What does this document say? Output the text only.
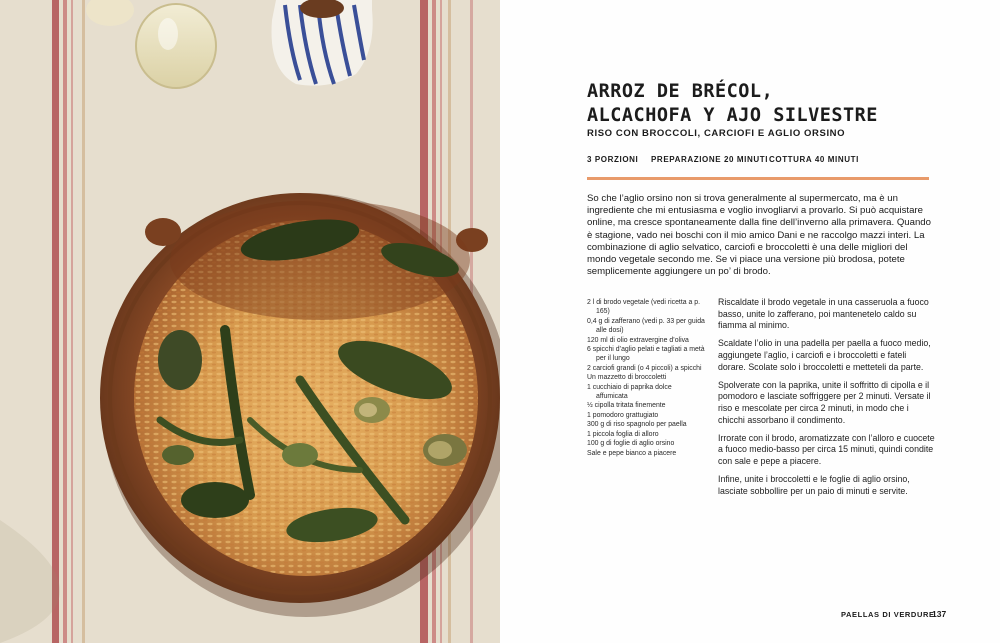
ARROZ DE BRÉCOL,
ALCACHOFA Y AJO SILVESTRE
RISO CON BROCCOLI, CARCIOFI E AGLIO ORSINO
3 PORZIONI PREPARAZIONE 20 MINUTI COTTURA 40 MINUTI

So che l’aglio orsino non si trova generalmente al supermercato, ma è un ingrediente che mi entusiasma e voglio invogliarvi a provarlo. Si può acquistare online, ma cresce spontaneamente dalla fine dell’inverno alla primavera. Quando è stagione, vado nei boschi con il mio amico Dani e ne raccolgo mazzi interi. La combinazione di aglio selvatico, carciofi e broccoletti è una delle migliori del mondo vegetale secondo me. Se vi piace una versione più brodosa, potete semplicemente aggiungere un po’ di brodo.

2 l di brodo vegetale (vedi ricetta a p. 165)
0,4 g di zafferano (vedi p. 33 per guida alle dosi)
120 ml di olio extravergine d’oliva
6 spicchi d’aglio pelati e tagliati a metà per il lungo
2 carciofi grandi (o 4 piccoli) a spicchi
Un mazzetto di broccoletti
1 cucchiaio di paprika dolce affumicata
½ cipolla tritata finemente
1 pomodoro grattugiato
300 g di riso spagnolo per paella
1 piccola foglia di alloro
100 g di foglie di aglio orsino
Sale e pepe bianco a piacere

Riscaldate il brodo vegetale in una casseruola a fuoco basso, unite lo zafferano, poi mantenetelo caldo su fiamma al minimo.

Scaldate l’olio in una padella per paella a fuoco medio, aggiungete l’aglio, i carciofi e i broccoletti e fateli dorare. Scolate solo i broccoletti e metteteli da parte.

Spolverate con la paprika, unite il soffritto di cipolla e il pomodoro e lasciate soffriggere per 2 minuti. Versate il riso e mescolate per circa 2 minuti, in modo che i chicchi assorbano il condimento.

Irrorate con il brodo, aromatizzate con l’alloro e cuocete a fuoco medio-basso per circa 15 minuti, quindi condite con sale e pepe a piacere.

Infine, unite i broccoletti e le foglie di aglio orsino, lasciate sobbollire per un paio di minuti e servite.

PAELLAS DI VERDURE
137
